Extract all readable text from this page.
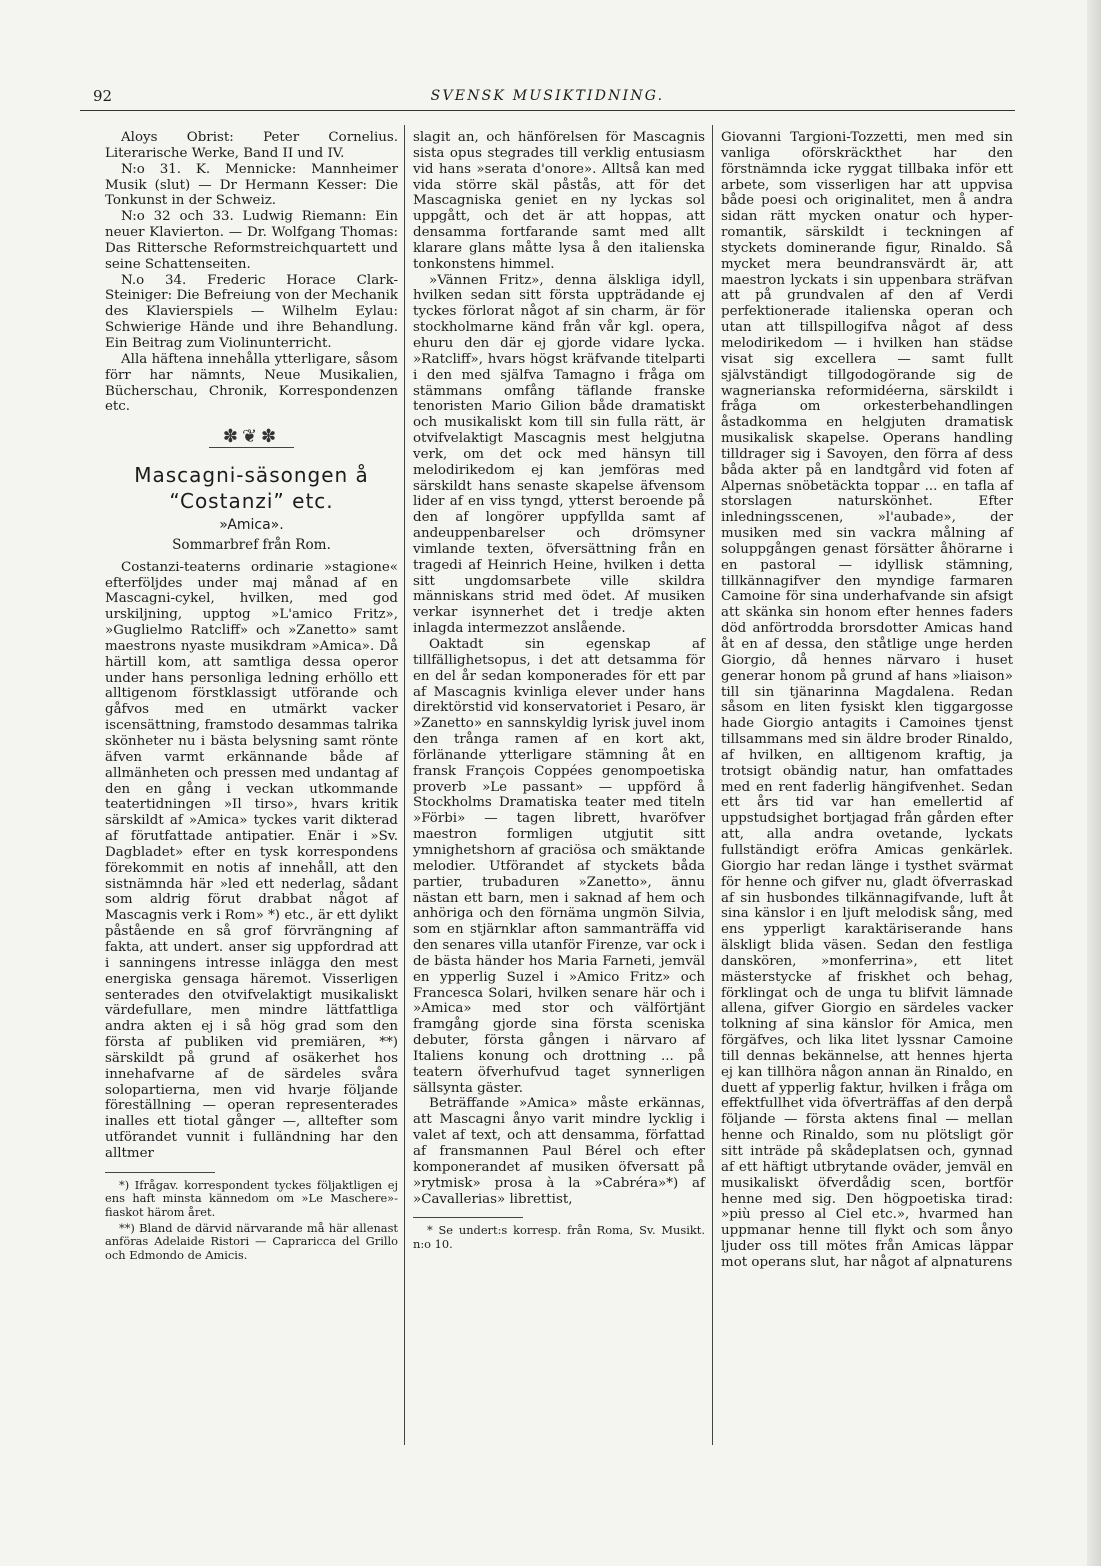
92	SVENSK MUSIKTIDNING.

Aloys Obrist: Peter Cornelius. Literarische Werke, Band II und IV.

N:o 31. K. Mennicke: Mannheimer Musik (slut) — Dr Hermann Kesser: Die Tonkunst in der Schweiz.

N:o 32 och 33. Ludwig Riemann: Ein neuer Klavierton. — Dr. Wolfgang Thomas: Das Rittersche Reformstreichquartett und seine Schattenseiten.

N.o 34. Frederic Horace Clark-Steiniger: Die Befreiung von der Mechanik des Klavierspiels — Wilhelm Eylau: Schwierige Hände und ihre Behandlung. Ein Beitrag zum Violinunterricht.

Alla häftena innehålla ytterligare, såsom förr har nämnts, Neue Musikalien, Bücherschau, Chronik, Korrespondenzen etc.

✽❦✽
Mascagni-säsongen å “Costanzi” etc.
»Amica».
Sommarbref från Rom.

Costanzi-teaterns ordinarie »stagione« efterföljdes under maj månad af en Mascagni-cykel, hvilken, med god urskiljning, upptog »L'amico Fritz», »Guglielmo Ratcliff» och »Zanetto» samt maestrons nyaste musikdram »Amica». Då härtill kom, att samtliga dessa operor under hans personliga ledning erhöllo ett alltigenom förstklassigt utförande och gåfvos med en utmärkt vacker iscensättning, framstodo desammas talrika skönheter nu i bästa belysning samt rönte äfven varmt erkännande både af allmänheten och pressen med undantag af den en gång i veckan utkommande teatertidningen »Il tirso», hvars kritik särskildt af »Amica» tyckes varit dikterad af förutfattade antipatier. Enär i »Sv. Dagbladet» efter en tysk korrespondens förekommit en notis af innehåll, att den sistnämnda här »led ett nederlag, sådant som aldrig förut drabbat något af Mascagnis verk i Rom» *) etc., är ett dylikt påstående en så grof förvrängning af fakta, att undert. anser sig uppfordrad att i sanningens intresse inlägga den mest energiska gensaga häremot. Visserligen senterades den otvifvelaktigt musikaliskt värdefullare, men mindre lättfattliga andra akten ej i så hög grad som den första af publiken vid premiären, **) särskildt på grund af osäkerhet hos innehafvarne af de särdeles svåra solopartierna, men vid hvarje följande föreställning — operan representerades inalles ett tiotal gånger —, alltefter som utförandet vunnit i fulländning har den alltmer

*) Ifrågav. korrespondent tyckes följaktligen ej ens haft minsta kännedom om »Le Maschere»-fiaskot härom året.

**) Bland de därvid närvarande må här allenast anföras Adelaide Ristori — Capraricca del Grillo och Edmondo de Amicis.

slagit an, och hänförelsen för Mascagnis sista opus stegrades till verklig entusiasm vid hans »serata d'onore». Alltså kan med vida större skäl påstås, att för det Mascagniska geniet en ny lyckas sol uppgått, och det är att hoppas, att densamma fortfarande samt med allt klarare glans måtte lysa å den italienska tonkonstens himmel.

»Vännen Fritz», denna älskliga idyll, hvilken sedan sitt första uppträdande ej tyckes förlorat något af sin charm, är för stockholmarne känd från vår kgl. opera, ehuru den där ej gjorde vidare lycka. »Ratcliff», hvars högst kräfvande titelparti i den med själfva Tamagno i fråga om stämmans omfång täflande franske tenoristen Mario Gilion både dramatiskt och musikaliskt kom till sin fulla rätt, är otvifvelaktigt Mascagnis mest helgjutna verk, om det ock med hänsyn till melodirikedom ej kan jemföras med särskildt hans senaste skapelse äfvensom lider af en viss tyngd, ytterst beroende på den af longörer uppfyllda samt af andeuppenbarelser och drömsyner vimlande texten, öfversättning från en tragedi af Heinrich Heine, hvilken i detta sitt ungdomsarbete ville skildra människans strid med ödet. Af musiken verkar isynnerhet det i tredje akten inlagda intermezzot anslående.

Oaktadt sin egenskap af tillfällighetsopus, i det att detsamma för en del år sedan komponerades för ett par af Mascagnis kvinliga elever under hans direktörstid vid konservatoriet i Pesaro, är »Zanetto» en sannskyldig lyrisk juvel inom den trånga ramen af en kort akt, förlänande ytterligare stämning åt en fransk François Coppées genompoetiska proverb »Le passant» — uppförd å Stockholms Dramatiska teater med titeln »Förbi» — tagen librett, hvaröfver maestron formligen utgjutit sitt ymnighetshorn af graciösa och smäktande melodier. Utförandet af styckets båda partier, trubaduren »Zanetto», ännu nästan ett barn, men i saknad af hem och anhöriga och den förnäma ungmön Silvia, som en stjärnklar afton sammanträffa vid den senares villa utanför Firenze, var ock i de bästa händer hos Maria Farneti, jemväl en ypperlig Suzel i »Amico Fritz» och Francesca Solari, hvilken senare här och i »Amica» med stor och välförtjänt framgång gjorde sina första sceniska debuter, första gången i närvaro af Italiens konung och drottning ... på teatern öfverhufvud taget synnerligen sällsynta gäster.

Beträffande »Amica» måste erkännas, att Mascagni ånyo varit mindre lycklig i valet af text, och att densamma, författad af fransmannen Paul Bérel och efter komponerandet af musiken öfversatt på »rytmisk» prosa à la »Cabréra»*) af »Cavallerias» librettist,

* Se undert:s korresp. från Roma, Sv. Musikt. n:o 10.

Giovanni Targioni-Tozzetti, men med sin vanliga oförskräckthet har den förstnämnda icke ryggat tillbaka inför ett arbete, som visserligen har att uppvisa både poesi och originalitet, men å andra sidan rätt mycken onatur och hyper-romantik, särskildt i teckningen af styckets dominerande figur, Rinaldo. Så mycket mera beundransvärdt är, att maestron lyckats i sin uppenbara sträfvan att på grundvalen af den af Verdi perfektionerade italienska operan och utan att tillspillogifva något af dess melodirikedom — i hvilken han städse visat sig excellera — samt fullt självständigt tillgodogörande sig de wagnerianska reformidéerna, särskildt i fråga om orkesterbehandlingen åstadkomma en helgjuten dramatisk musikalisk skapelse. Operans handling tilldrager sig i Savoyen, den förra af dess båda akter på en landtgård vid foten af Alpernas snöbetäckta toppar ... en tafla af storslagen naturskönhet. Efter inledningsscenen, »l'aubade», der musiken med sin vackra målning af soluppgången genast försätter åhörarne i en pastoral — idyllisk stämning, tillkännagifver den myndige farmaren Camoine för sina underhafvande sin afsigt att skänka sin honom efter hennes faders död anförtrodda brorsdotter Amicas hand åt en af dessa, den ståtlige unge herden Giorgio, då hennes närvaro i huset generar honom på grund af hans »liaison» till sin tjänarinna Magdalena. Redan såsom en liten fysiskt klen tiggargosse hade Giorgio antagits i Camoines tjenst tillsammans med sin äldre broder Rinaldo, af hvilken, en alltigenom kraftig, ja trotsigt obändig natur, han omfattades med en rent faderlig hängifvenhet. Sedan ett års tid var han emellertid af uppstudsighet bortjagad från gården efter att, alla andra ovetande, lyckats fullständigt eröfra Amicas genkärlek. Giorgio har redan länge i tysthet svärmat för henne och gifver nu, gladt öfverraskad af sin husbondes tilkännagifvande, luft åt sina känslor i en ljuft melodisk sång, med ens ypperligt karaktäriserande hans älskligt blida väsen. Sedan den festliga danskören, »monferrina», ett litet mästerstycke af friskhet och behag, förklingat och de unga tu blifvit lämnade allena, gifver Giorgio en särdeles vacker tolkning af sina känslor för Amica, men förgäfves, och lika litet lyssnar Camoine till dennas bekännelse, att hennes hjerta ej kan tillhöra någon annan än Rinaldo, en duett af ypperlig faktur, hvilken i fråga om effektfullhet vida öfverträffas af den derpå följande — första aktens final — mellan henne och Rinaldo, som nu plötsligt gör sitt inträde på skådeplatsen och, gynnad af ett häftigt utbrytande oväder, jemväl en musikaliskt öfverdådig scen, bortför henne med sig. Den högpoetiska tirad: »più presso al Ciel etc.», hvarmed han uppmanar henne till flykt och som ånyo ljuder oss till mötes från Amicas läppar mot operans slut, har något af alpnaturens
